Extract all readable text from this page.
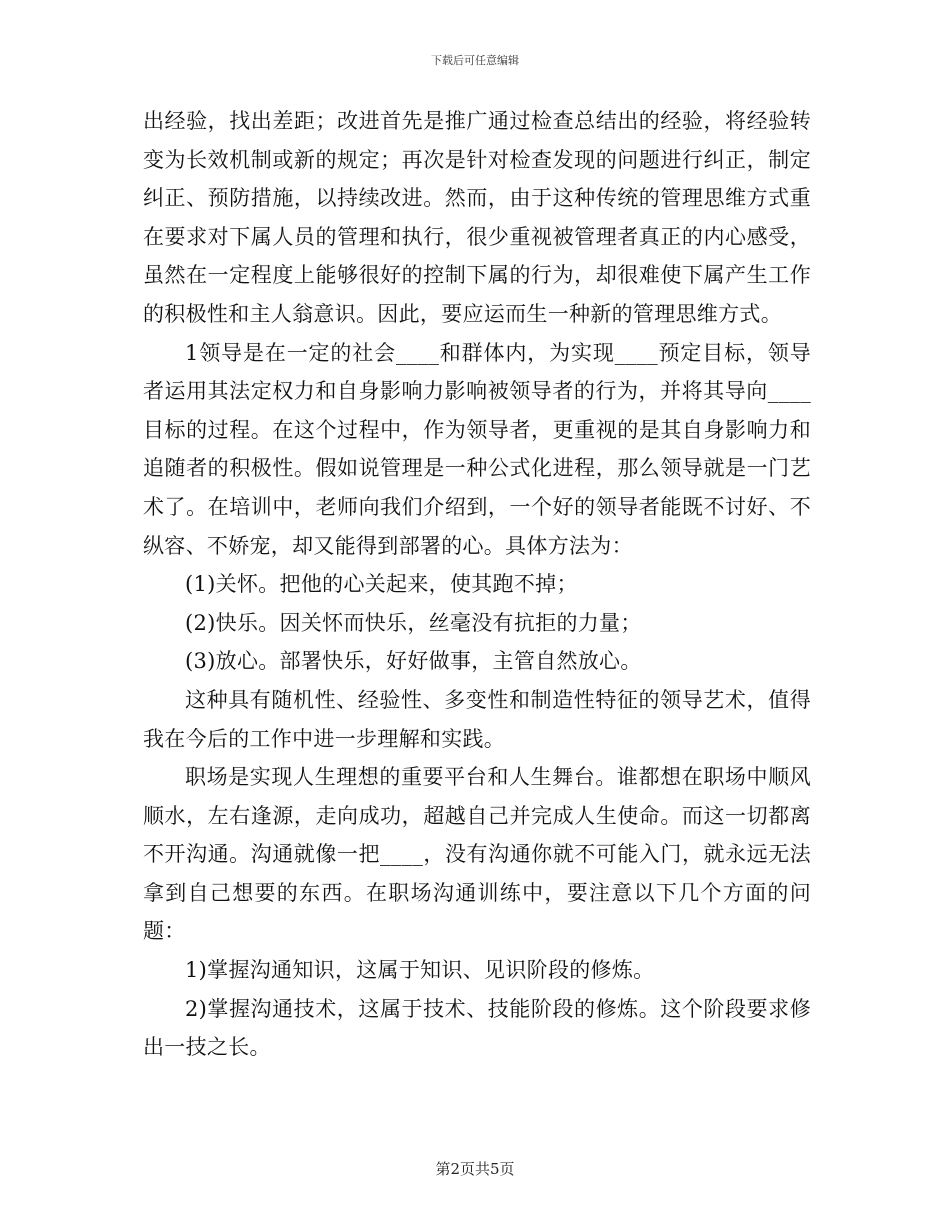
下载后可任意编辑

出经验，找出差距；改进首先是推广通过检查总结出的经验，将经验转变为长效机制或新的规定；再次是针对检查发现的问题进行纠正，制定纠正、预防措施，以持续改进。然而，由于这种传统的管理思维方式重在要求对下属人员的管理和执行，很少重视被管理者真正的内心感受，虽然在一定程度上能够很好的控制下属的行为，却很难使下属产生工作的积极性和主人翁意识。因此，要应运而生一种新的管理思维方式。

1领导是在一定的社会____和群体内，为实现____预定目标，领导者运用其法定权力和自身影响力影响被领导者的行为，并将其导向____目标的过程。在这个过程中，作为领导者，更重视的是其自身影响力和追随者的积极性。假如说管理是一种公式化进程，那么领导就是一门艺术了。在培训中，老师向我们介绍到，一个好的领导者能既不讨好、不纵容、不娇宠，却又能得到部署的心。具体方法为：

(1)关怀。把他的心关起来，使其跑不掉；

(2)快乐。因关怀而快乐，丝毫没有抗拒的力量；

(3)放心。部署快乐，好好做事，主管自然放心。

这种具有随机性、经验性、多变性和制造性特征的领导艺术，值得我在今后的工作中进一步理解和实践。

职场是实现人生理想的重要平台和人生舞台。谁都想在职场中顺风顺水，左右逢源，走向成功，超越自己并完成人生使命。而这一切都离不开沟通。沟通就像一把____，没有沟通你就不可能入门，就永远无法拿到自己想要的东西。在职场沟通训练中，要注意以下几个方面的问题：

1)掌握沟通知识，这属于知识、见识阶段的修炼。

2)掌握沟通技术，这属于技术、技能阶段的修炼。这个阶段要求修出一技之长。

第2页共5页
